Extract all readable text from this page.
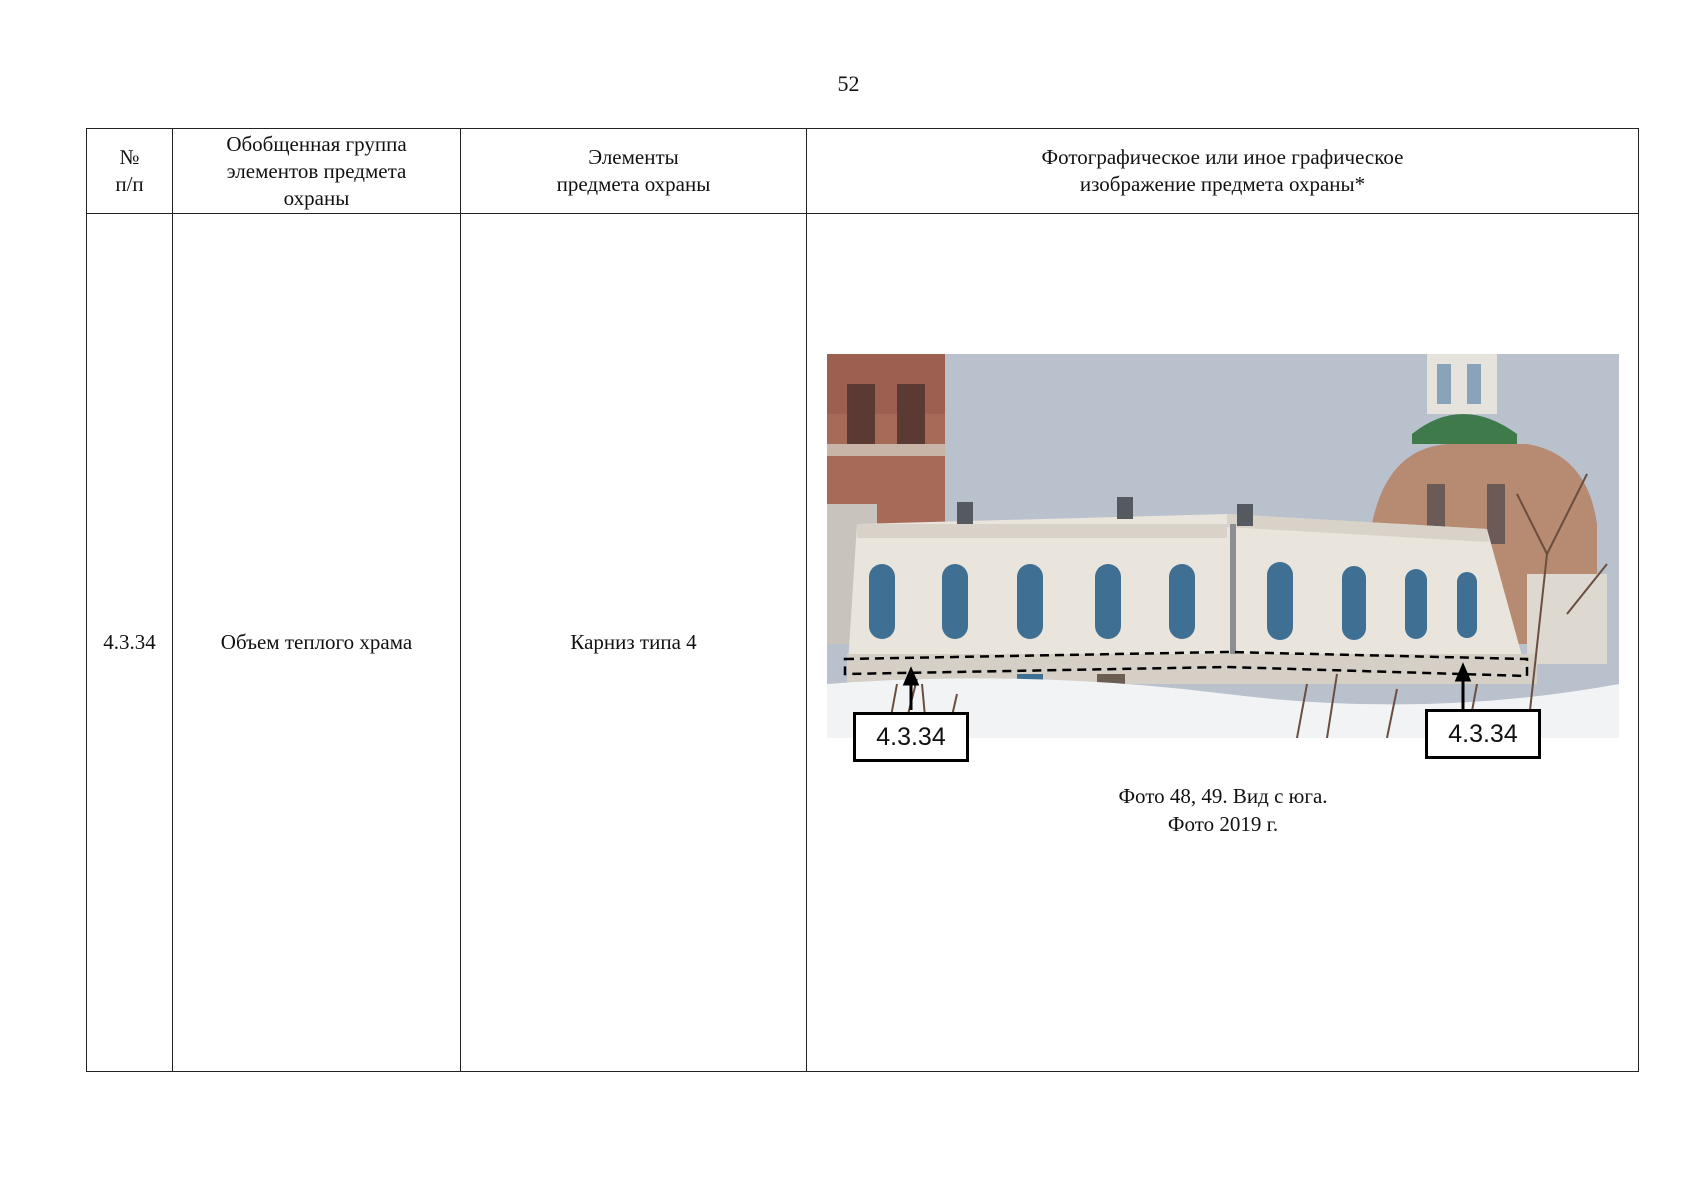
52
№
п/п	Обобщенная группа
элементов предмета
охраны	Элементы
предмета охраны	Фотографическое или иное графическое
изображение предмета охраны*

4.3.34	Объем теплого храма	Карниз типа 4	4.3.34 4.3.34
Фото 48, 49. Вид с юга.
Фото 2019 г.
